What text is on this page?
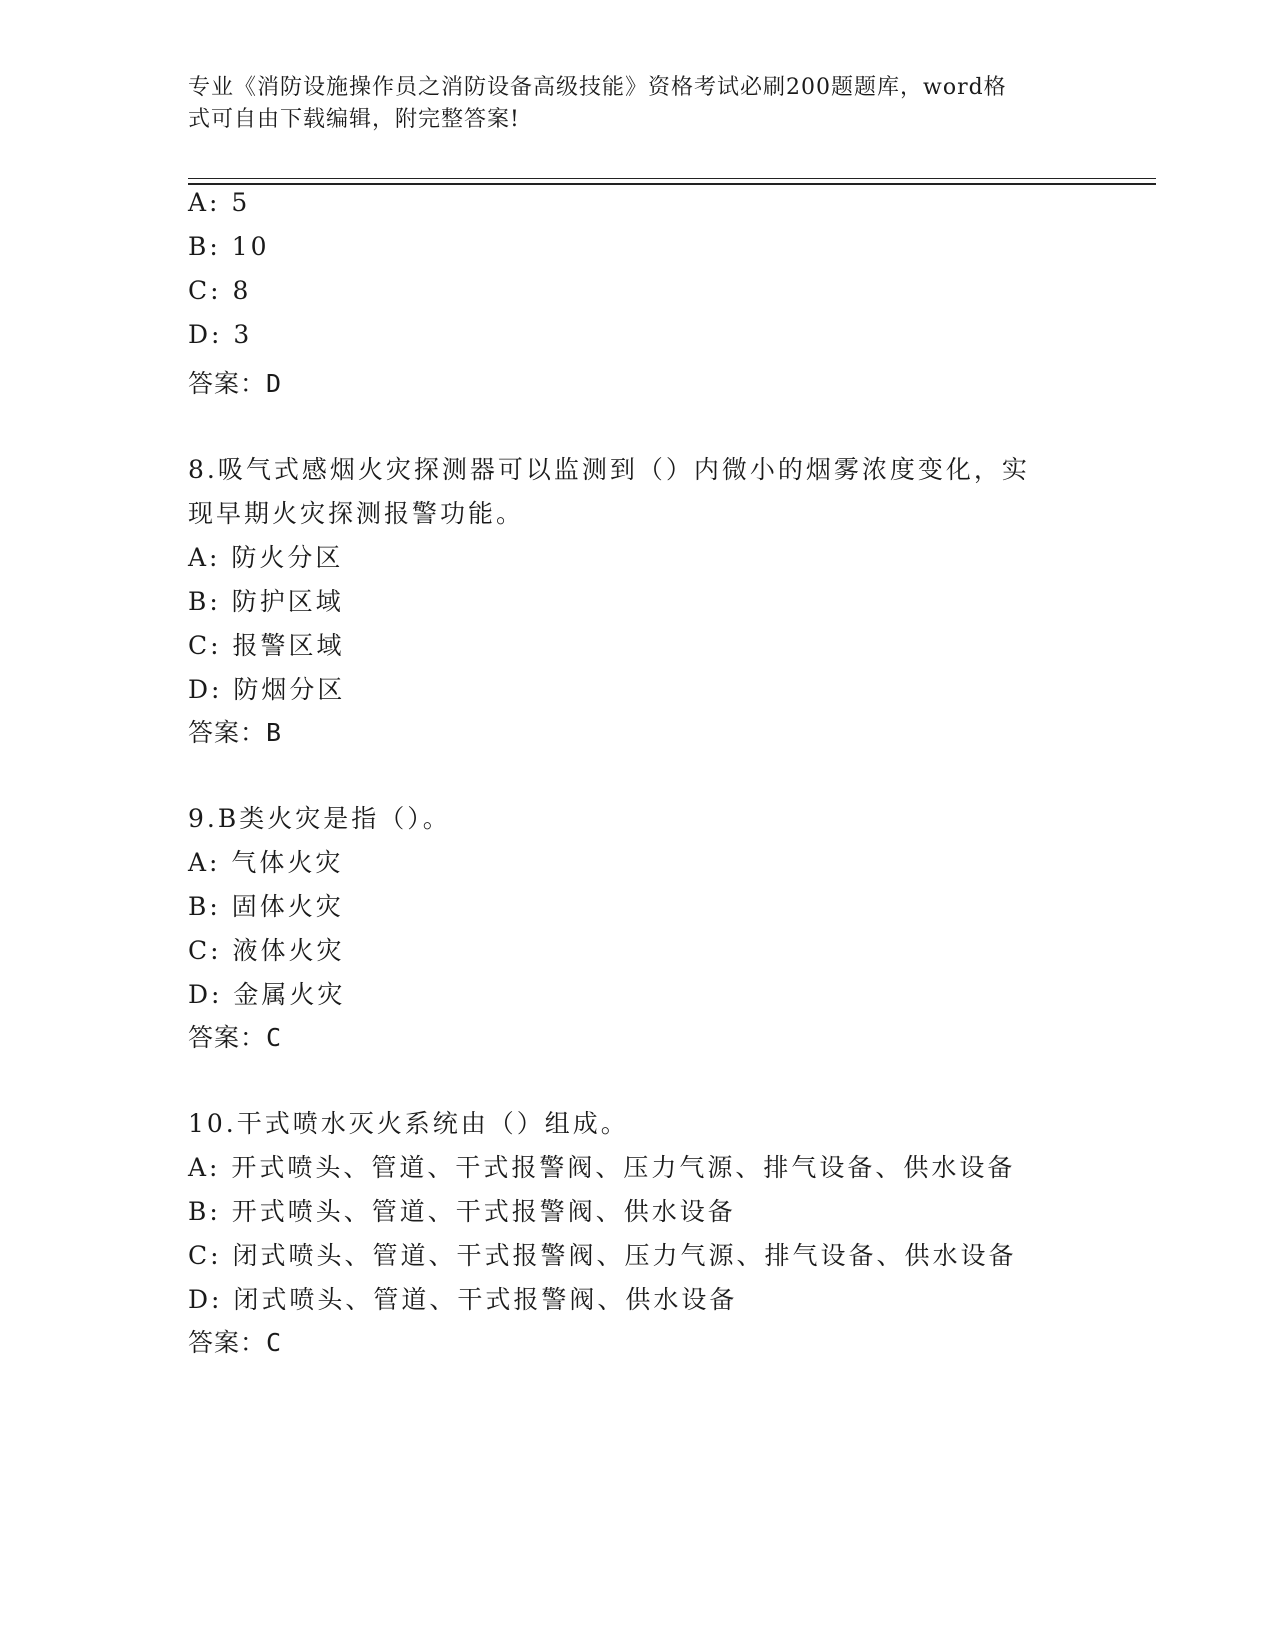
专业《消防设施操作员之消防设备高级技能》资格考试必刷200题题库，word格
式可自由下载编辑，附完整答案!
A: 5
B: 10
C: 8
D: 3
答案：D
8.吸气式感烟火灾探测器可以监测到（）内微小的烟雾浓度变化，实
现早期火灾探测报警功能。
A: 防火分区
B: 防护区域
C: 报警区域
D: 防烟分区
答案：B
9.B类火灾是指（）。
A: 气体火灾
B: 固体火灾
C: 液体火灾
D: 金属火灾
答案：C
10.干式喷水灭火系统由（）组成。
A: 开式喷头、管道、干式报警阀、压力气源、排气设备、供水设备
B: 开式喷头、管道、干式报警阀、供水设备
C: 闭式喷头、管道、干式报警阀、压力气源、排气设备、供水设备
D: 闭式喷头、管道、干式报警阀、供水设备
答案：C
